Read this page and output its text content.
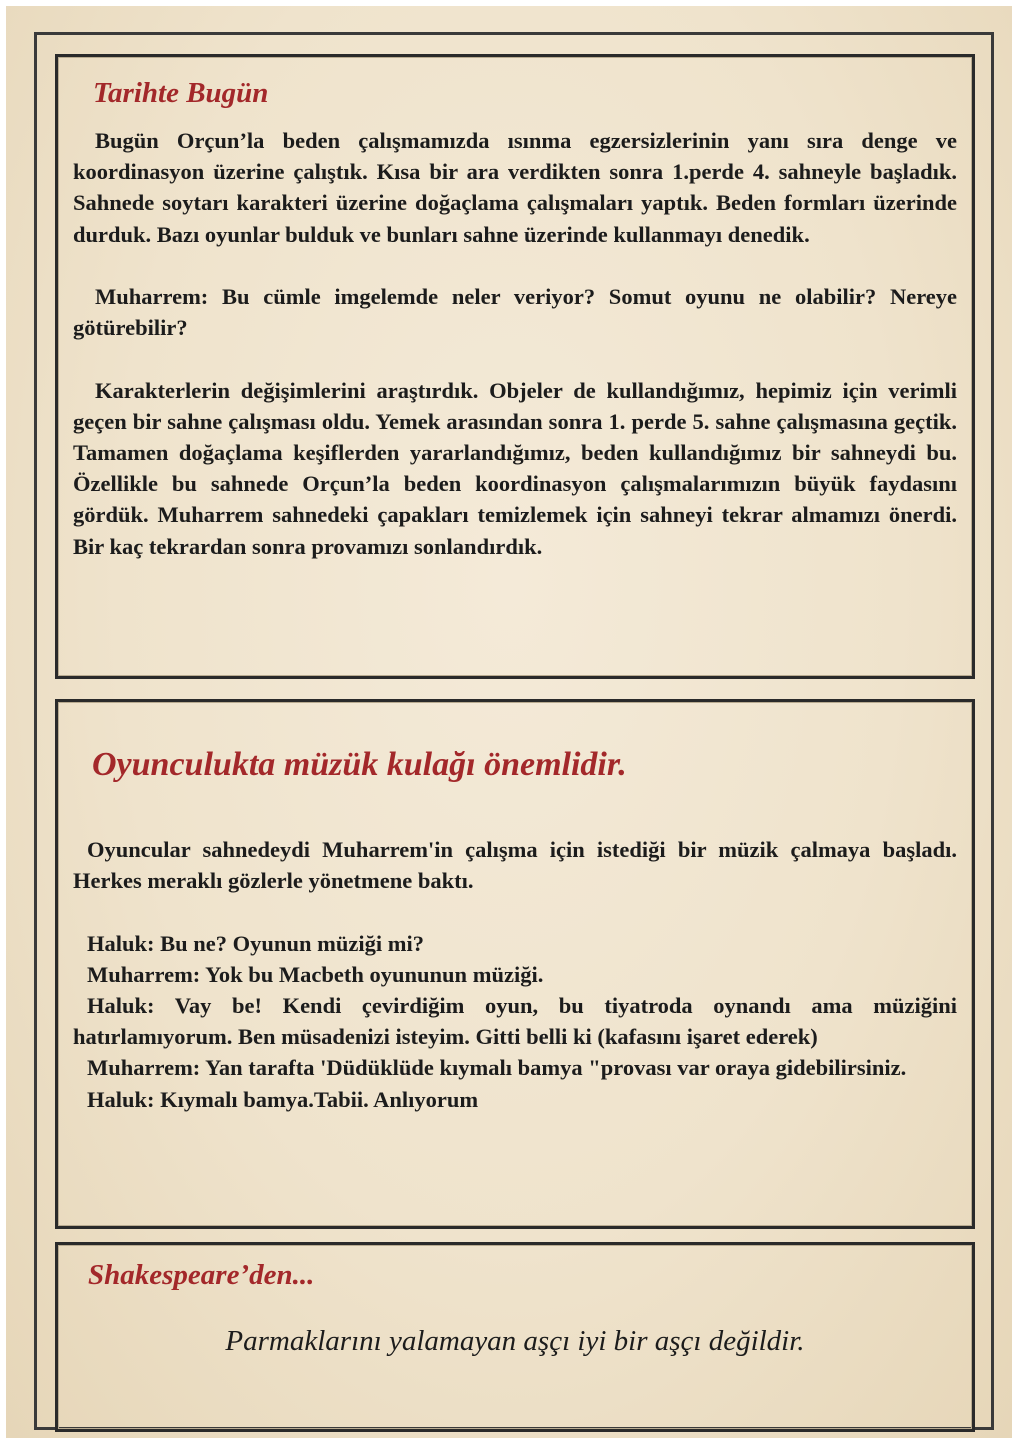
Tarihte Bugün

Bugün Orçun’la beden çalışmamızda ısınma egzersizlerinin yanı sıra denge ve koordinasyon üzerine çalıştık. Kısa bir ara verdikten sonra 1.perde 4. sahneyle başladık. Sahnede soytarı karakteri üzerine doğaçlama çalışmaları yaptık. Beden formları üzerinde durduk. Bazı oyunlar bulduk ve bunları sahne üzerinde kullanmayı denedik.

Muharrem: Bu cümle imgelemde neler veriyor? Somut oyunu ne olabilir? Nereye götürebilir?

Karakterlerin değişimlerini araştırdık. Objeler de kullandığımız, hepimiz için verimli geçen bir sahne çalışması oldu. Yemek arasından sonra 1. perde 5. sahne çalışmasına geçtik. Tamamen doğaçlama keşiflerden yararlandığımız, beden kullandığımız bir sahneydi bu. Özellikle bu sahnede Orçun’la beden koordinasyon çalışmalarımızın büyük faydasını gördük. Muharrem sahnedeki çapakları temizlemek için sahneyi tekrar almamızı önerdi. Bir kaç tekrardan sonra provamızı sonlandırdık.

Oyunculukta müzük kulağı önemlidir.

Oyuncular sahnedeydi Muharrem'in çalışma için istediği bir müzik çalmaya başladı. Herkes meraklı gözlerle yönetmene baktı.

Haluk: Bu ne? Oyunun müziği mi?

Muharrem: Yok bu Macbeth oyununun müziği.

Haluk: Vay be! Kendi çevirdiğim oyun, bu tiyatroda oynandı ama müziğini hatırlamıyorum. Ben müsadenizi isteyim. Gitti belli ki (kafasını işaret ederek)

Muharrem: Yan tarafta 'Düdüklüde kıymalı bamya "provası var oraya gidebilirsiniz.

Haluk: Kıymalı bamya.Tabii. Anlıyorum

Shakespeare’den...

Parmaklarını yalamayan aşçı iyi bir aşçı değildir.
